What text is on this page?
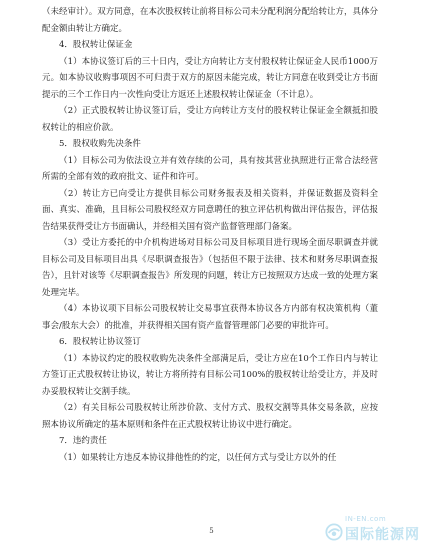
（未经审计）。双方同意，在本次股权转让前将目标公司未分配利润分配给转让方，具体分配金额由转让方确定。

4．股权转让保证金

（1）本协议签订后的三十日内，受让方向转让方支付股权转让保证金人民币1000万元。如本协议收购事项因不可归责于双方的原因未能完成，转让方同意在收到受让方书面提示的三个工作日内一次性向受让方返还上述股权转让保证金（不计息）。

（2）正式股权转让协议签订后，受让方向转让方支付的股权转让保证金全额抵扣股权转让的相应价款。

5．股权收购先决条件

（1）目标公司为依法设立并有效存续的公司，具有按其营业执照进行正常合法经营所需的全部有效的政府批文、证件和许可。

（2）转让方已向受让方提供目标公司财务报表及相关资料，并保证数据及资料全面、真实、准确，且目标公司股权经双方同意聘任的独立评估机构做出评估报告，评估报告结果获得受让方书面确认，并经相关国有资产监督管理部门备案。

（3）受让方委托的中介机构进场对目标公司及目标项目进行现场全面尽职调查并就目标公司及目标项目出具《尽职调查报告》（包括但不限于法律、技术和财务尽职调查报告），且针对该等《尽职调查报告》所发现的问题，转让方已按照双方达成一致的处理方案处理完毕。

（4）本协议项下目标公司股权转让交易事宜获得本协议各方内部有权决策机构（董事会/股东大会）的批准，并获得相关国有资产监督管理部门必要的审批许可。

6．股权转让协议签订

（1）本协议约定的股权收购先决条件全部满足后，受让方应在10个工作日内与转让方签订正式股权转让协议，转让方将所持有目标公司100%的股权转让给受让方，并及时办妥股权转让交割手续。

（2）有关目标公司股权转让所涉价款、支付方式、股权交割等具体交易条款，应按照本协议所确定的基本原则和条件在正式股权转让协议中进行确定。

7．违约责任

（1）如果转让方违反本协议排他性的约定，以任何方式与受让方以外的任

5
IN-EN.com
国际能源网
